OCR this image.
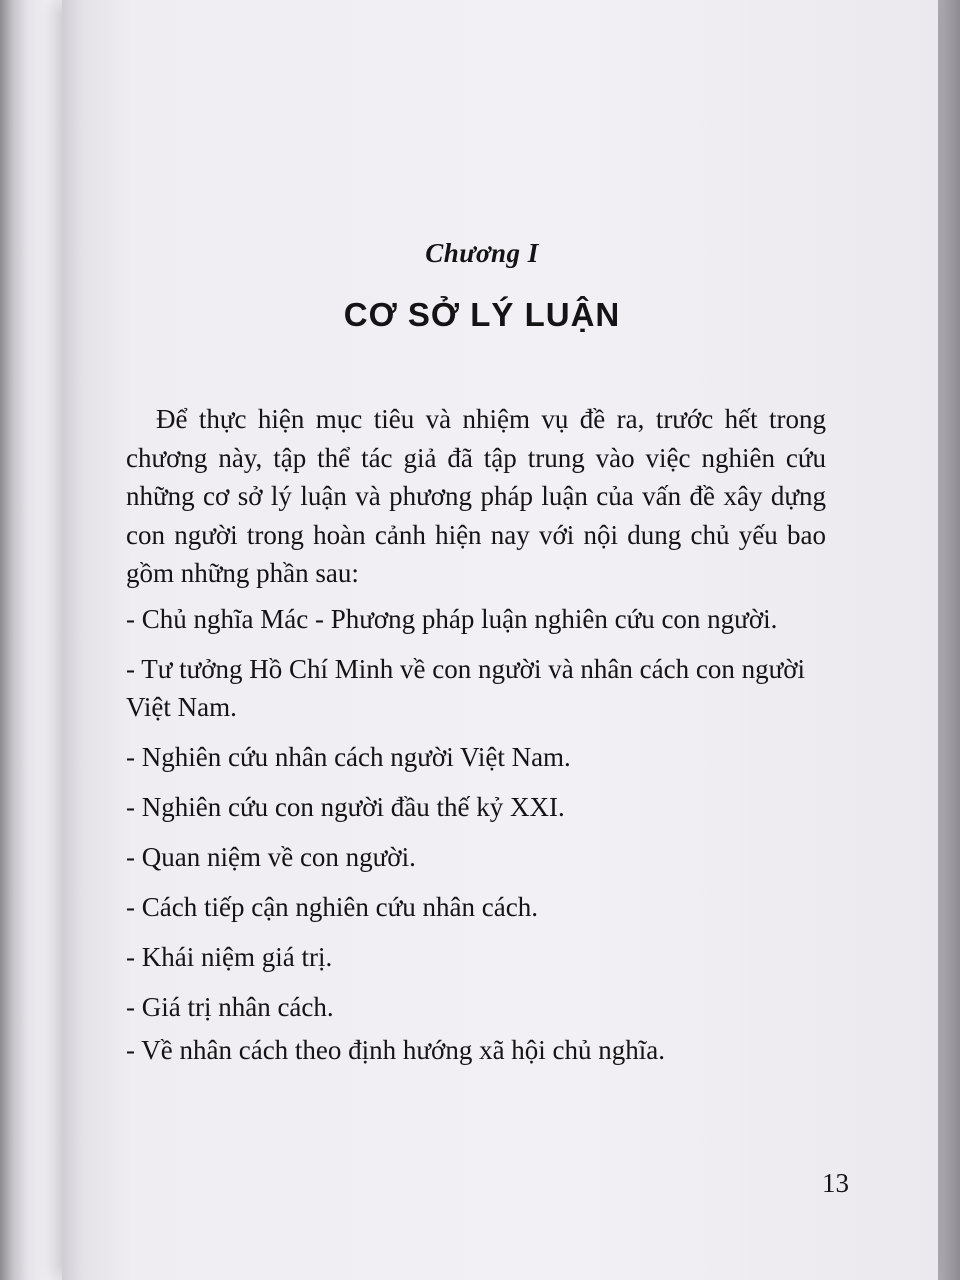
Chương I
CƠ SỞ LÝ LUẬN

Để thực hiện mục tiêu và nhiệm vụ đề ra, trước hết trong chương này, tập thể tác giả đã tập trung vào việc nghiên cứu những cơ sở lý luận và phương pháp luận của vấn đề xây dựng con người trong hoàn cảnh hiện nay với nội dung chủ yếu bao gồm những phần sau:

- Chủ nghĩa Mác - Phương pháp luận nghiên cứu con người.
- Tư tưởng Hồ Chí Minh về con người và nhân cách con người Việt Nam.
- Nghiên cứu nhân cách người Việt Nam.
- Nghiên cứu con người đầu thế kỷ XXI.
- Quan niệm về con người.
- Cách tiếp cận nghiên cứu nhân cách.
- Khái niệm giá trị.
- Giá trị nhân cách.
- Về nhân cách theo định hướng xã hội chủ nghĩa.
13
